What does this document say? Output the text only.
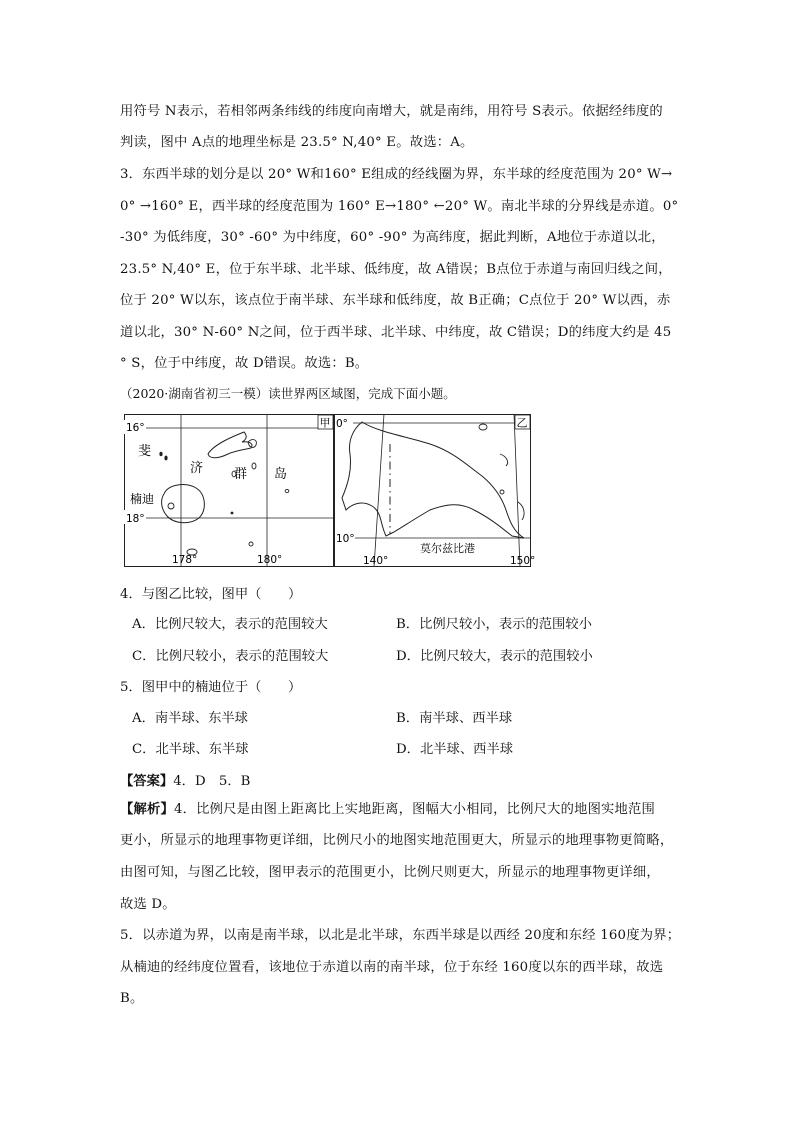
用符号 N表示，若相邻两条纬线的纬度向南增大，就是南纬，用符号 S表示。依据经纬度的
判读，图中 A点的地理坐标是 23.5° N,40° E。故选：A。
3．东西半球的划分是以 20° W和160° E组成的经线圈为界，东半球的经度范围为 20° W→
0° →160° E，西半球的经度范围为 160° E→180° ←20° W。南北半球的分界线是赤道。0°
-30° 为低纬度，30° -60° 为中纬度，60° -90° 为高纬度，据此判断，A地位于赤道以北，
23.5° N,40° E，位于东半球、北半球、低纬度，故 A错误；B点位于赤道与南回归线之间，
位于 20° W以东，该点位于南半球、东半球和低纬度，故 B正确；C点位于 20° W以西，赤
道以北，30° N-60° N之间，位于西半球、北半球、中纬度，故 C错误；D的纬度大约是 45
° S，位于中纬度，故 D错误。故选：B。
（2020·湖南省初三一模）读世界两区域图，完成下面小题。
16°
18°
178°	180°
甲
斐
济 群 岛
楠迪
0°
10°
140°	150°
乙
莫尔兹比港
4．与图乙比较，图甲（　　）
A．比例尺较大，表示的范围较大	B．比例尺较小，表示的范围较小
C．比例尺较小，表示的范围较大	D．比例尺较大，表示的范围较小
5．图甲中的楠迪位于（　　）
A．南半球、东半球	B．南半球、西半球
C．北半球、东半球	D．北半球、西半球
【答案】4．D　5．B
【解析】4．比例尺是由图上距离比上实地距离，图幅大小相同，比例尺大的地图实地范围
更小，所显示的地理事物更详细，比例尺小的地图实地范围更大，所显示的地理事物更简略，
由图可知，与图乙比较，图甲表示的范围更小，比例尺则更大，所显示的地理事物更详细，
故选 D。
5．以赤道为界，以南是南半球，以北是北半球，东西半球是以西经 20度和东经 160度为界；
从楠迪的经纬度位置看，该地位于赤道以南的南半球，位于东经 160度以东的西半球，故选
B。
